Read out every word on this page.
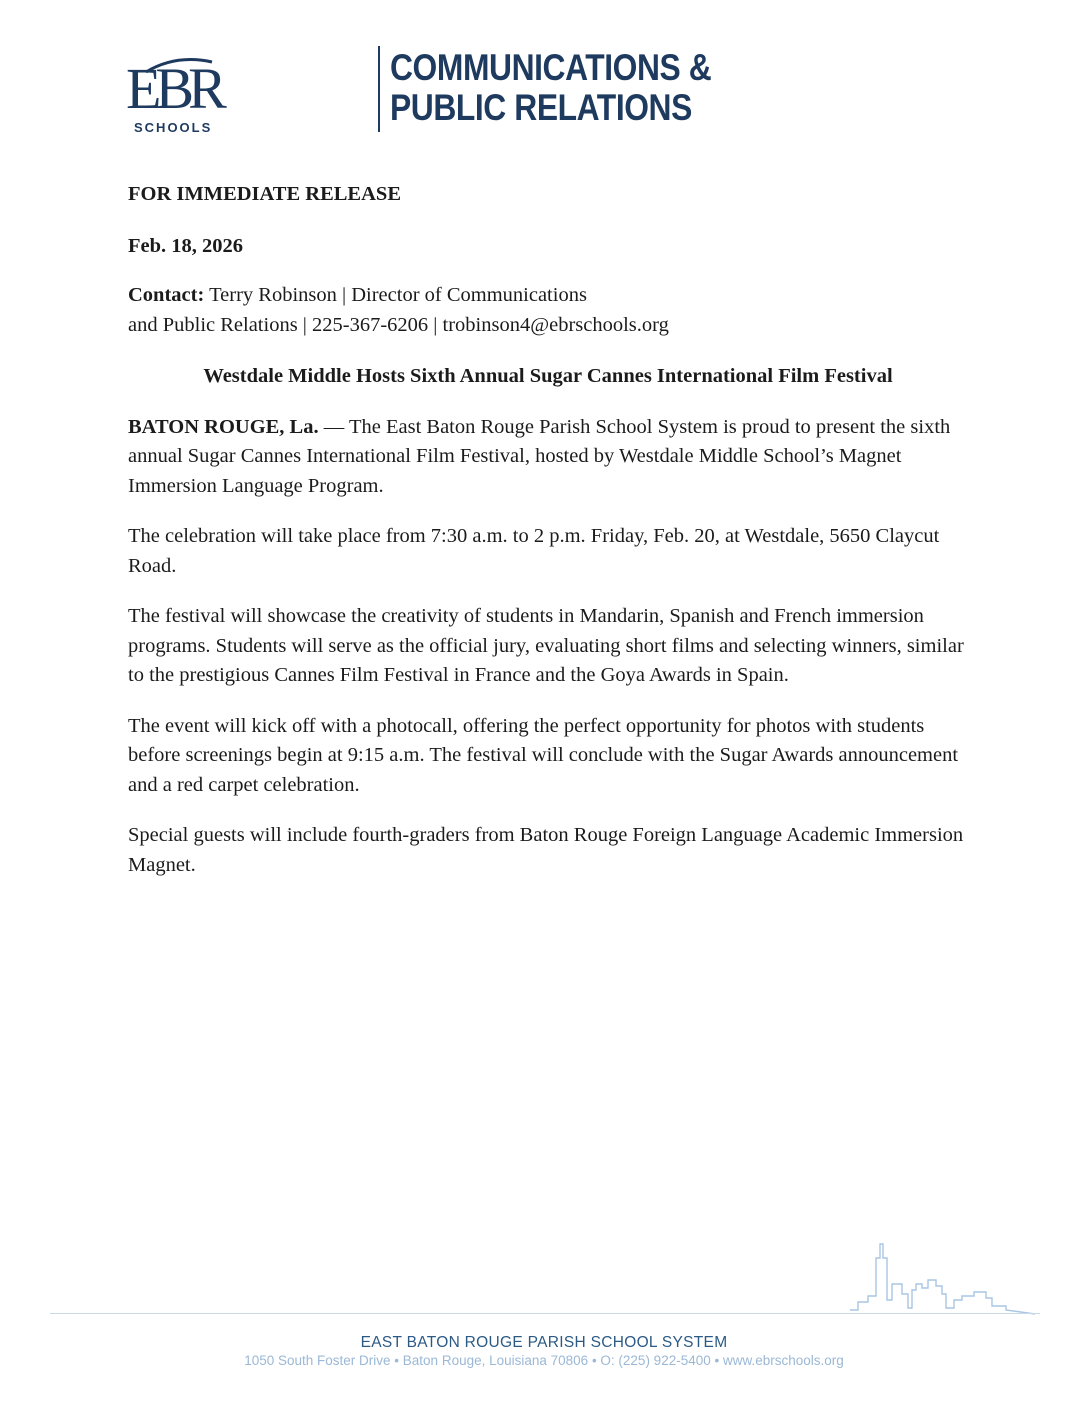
EBR
SCHOOLS
COMMUNICATIONS &
PUBLIC RELATIONS

FOR IMMEDIATE RELEASE

Feb. 18, 2026

Contact: Terry Robinson | Director of Communications
and Public Relations | 225-367-6206 | trobinson4@ebrschools.org

Westdale Middle Hosts Sixth Annual Sugar Cannes International Film Festival

BATON ROUGE, La. — The East Baton Rouge Parish School System is proud to present the sixth annual Sugar Cannes International Film Festival, hosted by Westdale Middle School’s Magnet Immersion Language Program.

The celebration will take place from 7:30 a.m. to 2 p.m. Friday, Feb. 20, at Westdale, 5650 Claycut Road.

The festival will showcase the creativity of students in Mandarin, Spanish and French immersion programs. Students will serve as the official jury, evaluating short films and selecting winners, similar to the prestigious Cannes Film Festival in France and the Goya Awards in Spain.

The event will kick off with a photocall, offering the perfect opportunity for photos with students before screenings begin at 9:15 a.m. The festival will conclude with the Sugar Awards announcement and a red carpet celebration.

Special guests will include fourth-graders from Baton Rouge Foreign Language Academic Immersion Magnet.

EAST BATON ROUGE PARISH SCHOOL SYSTEM
1050 South Foster Drive • Baton Rouge, Louisiana 70806 • O: (225) 922-5400 • www.ebrschools.org
